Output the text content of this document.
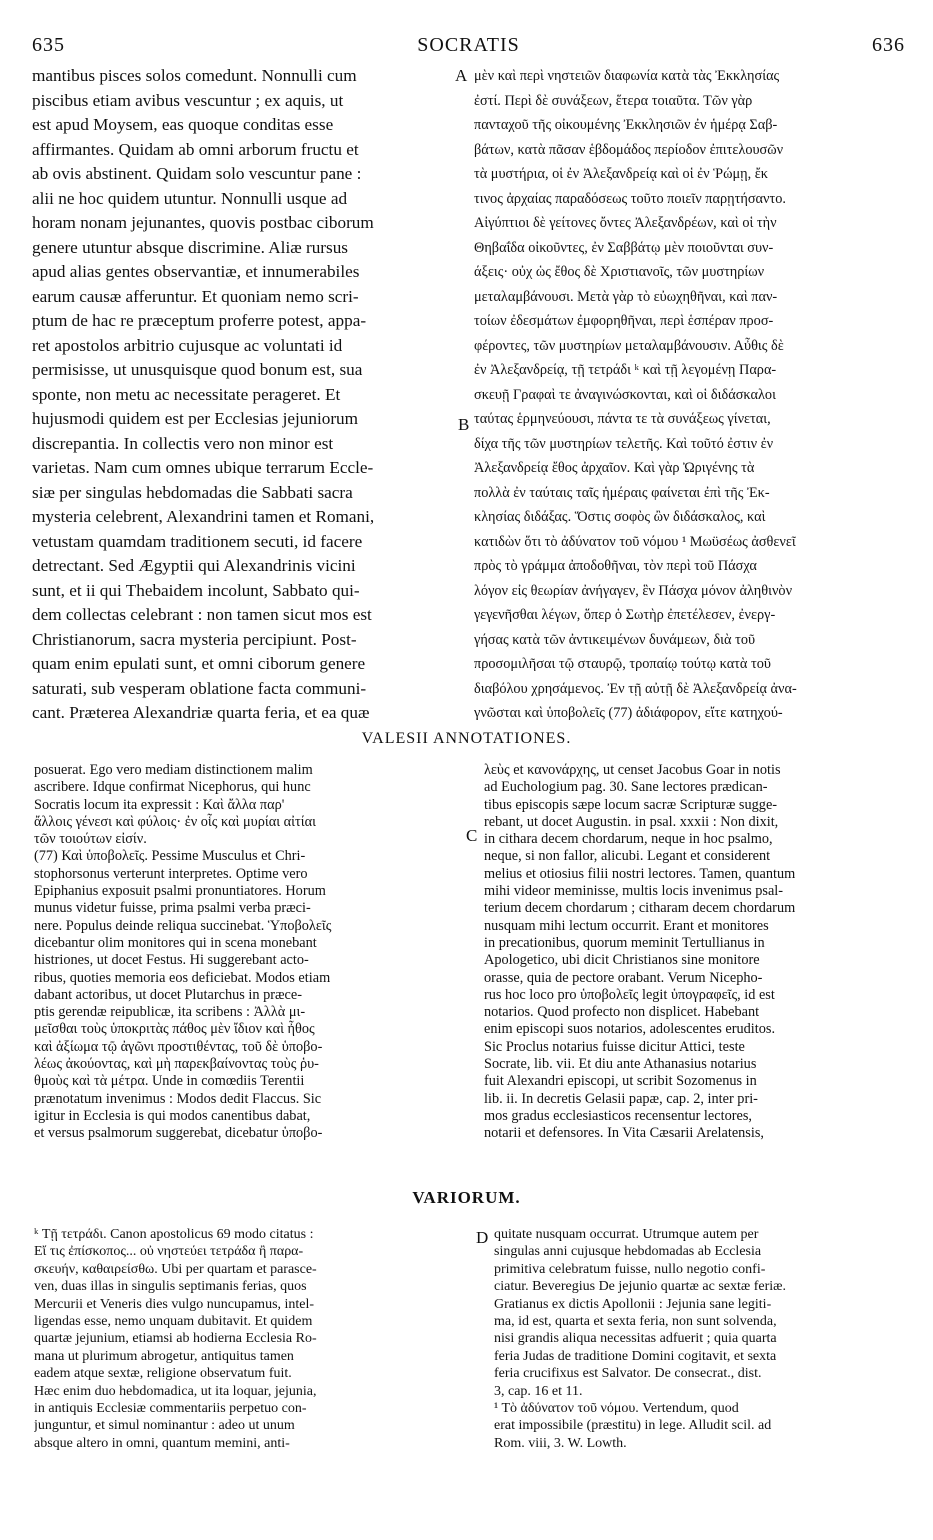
635	SOCRATIS	636

mantibus pisces solos comedunt. Nonnulli cum

piscibus etiam avibus vescuntur ; ex aquis, ut

est apud Moysem, eas quoque conditas esse

affirmantes. Quidam ab omni arborum fructu et

ab ovis abstinent. Quidam solo vescuntur pane :

alii ne hoc quidem utuntur. Nonnulli usque ad

horam nonam jejunantes, quovis postbac ciborum

genere utuntur absque discrimine. Aliæ rursus

apud alias gentes observantiæ, et innumerabiles

earum causæ afferuntur. Et quoniam nemo scri-

ptum de hac re præceptum proferre potest, appa-

ret apostolos arbitrio cujusque ac voluntati id

permisisse, ut unusquisque quod bonum est, sua

sponte, non metu ac necessitate perageret. Et

hujusmodi quidem est per Ecclesias jejuniorum

discrepantia. In collectis vero non minor est

varietas. Nam cum omnes ubique terrarum Eccle-

siæ per singulas hebdomadas die Sabbati sacra

mysteria celebrent, Alexandrini tamen et Romani,

vetustam quamdam traditionem secuti, id facere

detrectant. Sed Ægyptii qui Alexandrinis vicini

sunt, et ii qui Thebaidem incolunt, Sabbato qui-

dem collectas celebrant : non tamen sicut mos est

Christianorum, sacra mysteria percipiunt. Post-

quam enim epulati sunt, et omni ciborum genere

saturati, sub vesperam oblatione facta communi-

cant. Præterea Alexandriæ quarta feria, et ea quæ

μὲν καὶ περὶ νηστειῶν διαφωνία κατὰ τὰς Ἐκκλησίας

ἐστί. Περὶ δὲ συνάξεων, ἕτερα τοιαῦτα. Τῶν γὰρ

πανταχοῦ τῆς οἰκουμένης Ἐκκλησιῶν ἐν ἡμέρᾳ Σαβ-

βάτων, κατὰ πᾶσαν ἑβδομάδος περίοδον ἐπιτελουσῶν

τὰ μυστήρια, οἱ ἐν Ἀλεξανδρείᾳ καὶ οἱ ἐν Ῥώμῃ, ἔκ

τινος ἀρχαίας παραδόσεως τοῦτο ποιεῖν παρῃτήσαντο.

Αἰγύπτιοι δὲ γείτονες ὄντες Ἀλεξανδρέων, καὶ οἱ τὴν

Θηβαΐδα οἰκοῦντες, ἐν Σαββάτῳ μὲν ποιοῦνται συν-

άξεις· οὐχ ὡς ἔθος δὲ Χριστιανοῖς, τῶν μυστηρίων

μεταλαμβάνουσι. Μετὰ γὰρ τὸ εὐωχηθῆναι, καὶ παν-

τοίων ἐδεσμάτων ἐμφορηθῆναι, περὶ ἑσπέραν προσ-

φέροντες, τῶν μυστηρίων μεταλαμβάνουσιν. Αὖθις δὲ

ἐν Ἀλεξανδρείᾳ, τῇ τετράδι ᵏ καὶ τῇ λεγομένῃ Παρα-

σκευῇ Γραφαὶ τε ἀναγινώσκονται, καὶ οἱ διδάσκαλοι

ταύτας ἑρμηνεύουσι, πάντα τε τὰ συνάξεως γίνεται,

δίχα τῆς τῶν μυστηρίων τελετῆς. Καὶ τοῦτό ἐστιν ἐν

Ἀλεξανδρείᾳ ἔθος ἀρχαῖον. Καὶ γὰρ Ὠριγένης τὰ

πολλὰ ἐν ταύταις ταῖς ἡμέραις φαίνεται ἐπὶ τῆς Ἐκ-

κλησίας διδάξας. Ὅστις σοφὸς ὢν διδάσκαλος, καὶ

κατιδὼν ὅτι τὸ ἀδύνατον τοῦ νόμου ¹ Μωϋσέως ἀσθενεῖ

πρὸς τὸ γράμμα ἀποδοθῆναι, τὸν περὶ τοῦ Πάσχα

λόγον εἰς θεωρίαν ἀνήγαγεν, ἓν Πάσχα μόνον ἀληθινὸν

γεγενῆσθαι λέγων, ὅπερ ὁ Σωτὴρ ἐπετέλεσεν, ἐνεργ-

γήσας κατὰ τῶν ἀντικειμένων δυνάμεων, διὰ τοῦ

προσομιλῆσαι τῷ σταυρῷ, τροπαίῳ τούτῳ κατὰ τοῦ

διαβόλου χρησάμενος. Ἐν τῇ αὐτῇ δὲ Ἀλεξανδρείᾳ ἀνα-

γνῶσται καὶ ὑποβολεῖς (77) ἀδιάφορον, εἴτε κατηχού-

A
B
C
D
VALESII ANNOTATIONES.

posuerat. Ego vero mediam distinctionem malim

ascribere. Idque confirmat Nicephorus, qui hunc

Socratis locum ita expressit : Καὶ ἄλλα παρ'

ἄλλοις γένεσι καὶ φύλοις· ἐν οἷς καὶ μυρίαι αἰτίαι

τῶν τοιούτων εἰσίν.

(77) Καὶ ὑποβολεῖς. Pessime Musculus et Chri-

stophorsonus verterunt interpretes. Optime vero

Epiphanius exposuit psalmi pronuntiatores. Horum

munus videtur fuisse, prima psalmi verba præci-

nere. Populus deinde reliqua succinebat. Ὑποβολεῖς

dicebantur olim monitores qui in scena monebant

histriones, ut docet Festus. Hi suggerebant acto-

ribus, quoties memoria eos deficiebat. Modos etiam

dabant actoribus, ut docet Plutarchus in præce-

ptis gerendæ reipublicæ, ita scribens : Ἀλλὰ μι-

μεῖσθαι τοὺς ὑποκριτὰς πάθος μὲν ἴδιον καὶ ἦθος

καὶ ἀξίωμα τῷ ἀγῶνι προστιθέντας, τοῦ δὲ ὑποβο-

λέως ἀκούοντας, καὶ μὴ παρεκβαίνοντας τοὺς ῥυ-

θμοὺς καὶ τὰ μέτρα. Unde in comœdiis Terentii

prænotatum invenimus : Modos dedit Flaccus. Sic

igitur in Ecclesia is qui modos canentibus dabat,

et versus psalmorum suggerebat, dicebatur ὑποβο-

λεὺς et κανονάρχης, ut censet Jacobus Goar in notis

ad Euchologium pag. 30. Sane lectores prædican-

tibus episcopis sæpe locum sacræ Scripturæ sugge-

rebant, ut docet Augustin. in psal. xxxii : Non dixit,

in cithara decem chordarum, neque in hoc psalmo,

neque, si non fallor, alicubi. Legant et considerent

melius et otiosius filii nostri lectores. Tamen, quantum

mihi videor meminisse, multis locis invenimus psal-

terium decem chordarum ; citharam decem chordarum

nusquam mihi lectum occurrit. Erant et monitores

in precationibus, quorum meminit Tertullianus in

Apologetico, ubi dicit Christianos sine monitore

orasse, quia de pectore orabant. Verum Nicepho-

rus hoc loco pro ὑποβολεῖς legit ὑπογραφεῖς, id est

notarios. Quod profecto non displicet. Habebant

enim episcopi suos notarios, adolescentes eruditos.

Sic Proclus notarius fuisse dicitur Attici, teste

Socrate, lib. vii. Et diu ante Athanasius notarius

fuit Alexandri episcopi, ut scribit Sozomenus in

lib. ii. In decretis Gelasii papæ, cap. 2, inter pri-

mos gradus ecclesiasticos recensentur lectores,

notarii et defensores. In Vita Cæsarii Arelatensis,

VARIORUM.

ᵏ Τῇ τετράδι. Canon apostolicus 69 modo citatus :

Εἴ τις ἐπίσκοπος... οὐ νηστεύει τετράδα ἢ παρα-

σκευήν, καθαιρείσθω. Ubi per quartam et parasce-

ven, duas illas in singulis septimanis ferias, quos

Mercurii et Veneris dies vulgo nuncupamus, intel-

ligendas esse, nemo unquam dubitavit. Et quidem

quartæ jejunium, etiamsi ab hodierna Ecclesia Ro-

mana ut plurimum abrogetur, antiquitus tamen

eadem atque sextæ, religione observatum fuit.

Hæc enim duo hebdomadica, ut ita loquar, jejunia,

in antiquis Ecclesiæ commentariis perpetuo con-

junguntur, et simul nominantur : adeo ut unum

absque altero in omni, quantum memini, anti-

quitate nusquam occurrat. Utrumque autem per

singulas anni cujusque hebdomadas ab Ecclesia

primitiva celebratum fuisse, nullo negotio confi-

ciatur. Beveregius De jejunio quartæ ac sextæ feriæ.

Gratianus ex dictis Apollonii : Jejunia sane legiti-

ma, id est, quarta et sexta feria, non sunt solvenda,

nisi grandis aliqua necessitas adfuerit ; quia quarta

feria Judas de traditione Domini cogitavit, et sexta

feria crucifixus est Salvator. De consecrat., dist.

3, cap. 16 et 11.

¹ Τὸ ἀδύνατον τοῦ νόμου. Vertendum, quod

erat impossibile (præstitu) in lege. Alludit scil. ad

Rom. viii, 3. W. Lowth.
